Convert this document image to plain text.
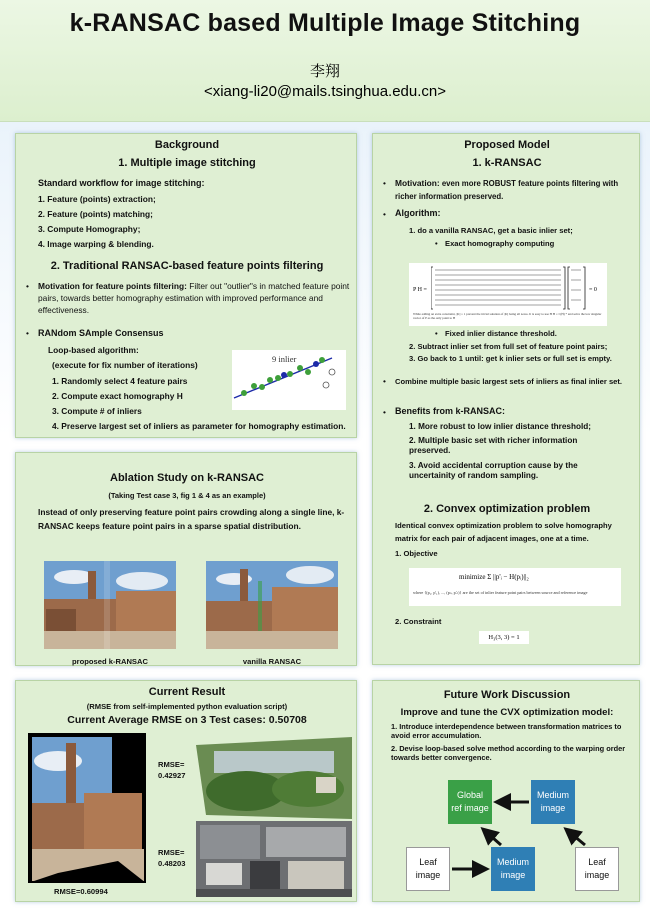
k-RANSAC based Multiple Image Stitching
李翔
<xiang-li20@mails.tsinghua.edu.cn>
Background
1. Multiple image stitching
Standard workflow for image stitching:
1. Feature (points) extraction;
2. Feature (points) matching;
3. Compute Homography;
4. Image warping & blending.
2. Traditional RANSAC-based feature points filtering
• Motivation for feature points filtering: Filter out "outlier"s in matched feature point pairs, towards better homography estimation with improved performance and effectiveness.
• RANdom SAmple Consensus
Loop-based algorithm:
(execute for fix number of iterations)
1. Randomly select 4 feature pairs
2. Compute exact homography H
3. Compute # of inliers
4. Preserve largest set of inliers as parameter for homography estimation.
9 inlier
Ablation Study on k-RANSAC
(Taking Test case 3, fig 1 & 4 as an example)
Instead of only preserving feature point pairs crowding along a single line, k-RANSAC keeps feature point pairs in a sparse spatial distribution.
proposed k-RANSAC	vanilla RANSAC
Current Result
(RMSE from self-implemented python evaluation script)
Current Average RMSE on 3 Test cases: 0.50708
RMSE=0.60994
RMSE=
0.42927
RMSE=
0.48203
Proposed Model
1. k-RANSAC
• Motivation: even more ROBUST feature points filtering with richer information preserved.
• Algorithm:
1. do a vanilla RANSAC, get a basic inlier set;
• Exact homography computing
P H =	= 0
While adding an extra constraint, ||h|| = 1 prevent the trivial solution of ||h|| being all zeros. It is easy to use H H = I (H) * and solve the low singular vector of P as the only point to H
• Fixed inlier distance threshold.
2. Subtract inlier set from full set of feature point pairs;
3. Go back to 1 until: get k inlier sets or full set is empty.
• Combine multiple basic largest sets of inliers as final inlier set.
• Benefits from k-RANSAC:
1. More robust to low inlier distance threshold;
2. Multiple basic set with richer information preserved.
3. Avoid accidental corruption cause by the uncertainity of random sampling.
2. Convex optimization problem
Identical convex optimization problem to solve homography matrix for each pair of adjacent images, one at a time.
1. Objective
minimize Σ ||p'ᵢ − H(pᵢ)||₂
where {(p₁, p'₁), ..., (pₙ, p'ₙ)} are the set of inlier feature point pairs between source and reference image
2. Constraint
H₃(3, 3) = 1
Future Work Discussion
Improve and tune the CVX optimization model:
1. Introduce interdependence between transformation matrices to avoid error accumulation.
2. Devise loop-based solve method according to the warping order towards better convergence.
Global
ref image
Medium
image
Medium
image
Leaf
image
Leaf
image
